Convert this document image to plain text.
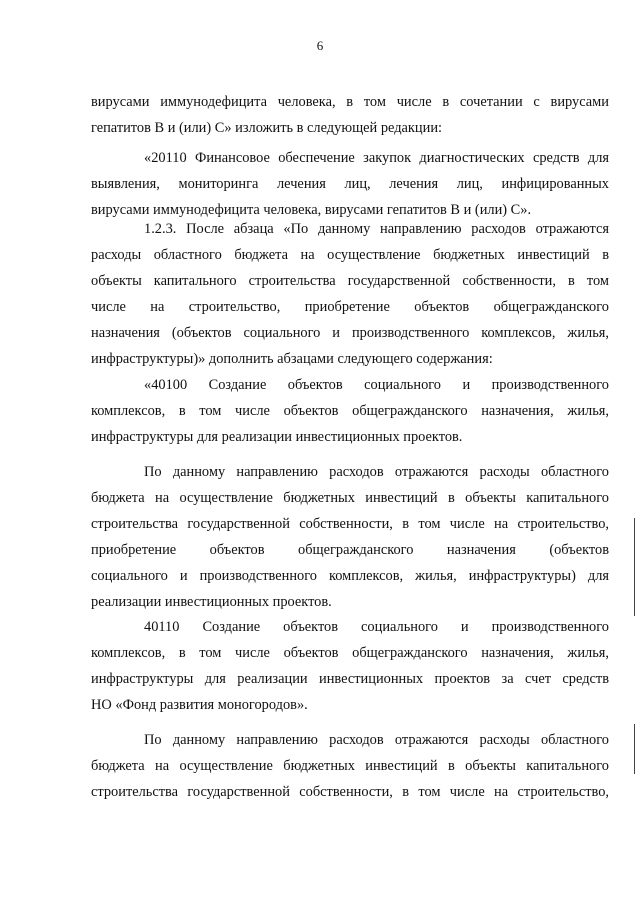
6
вирусами иммунодефицита человека, в том числе в сочетании с вирусами
гепатитов В и (или) С» изложить в следующей редакции:
«20110 Финансовое обеспечение закупок диагностических средств для
выявления, мониторинга лечения лиц, лечения лиц, инфицированных
вирусами иммунодефицита человека, вирусами гепатитов В и (или) С».
1.2.3. После абзаца «По данному направлению расходов отражаются
расходы областного бюджета на осуществление бюджетных инвестиций в
объекты капитального строительства государственной собственности, в том
числе на строительство, приобретение объектов общегражданского
назначения (объектов социального и производственного комплексов, жилья,
инфраструктуры)» дополнить абзацами следующего содержания:
«40100 Создание объектов социального и производственного
комплексов, в том числе объектов общегражданского назначения, жилья,
инфраструктуры для реализации инвестиционных проектов.
По данному направлению расходов отражаются расходы областного
бюджета на осуществление бюджетных инвестиций в объекты капитального
строительства государственной собственности, в том числе на строительство,
приобретение объектов общегражданского назначения (объектов
социального и производственного комплексов, жилья, инфраструктуры) для
реализации инвестиционных проектов.
40110 Создание объектов социального и производственного
комплексов, в том числе объектов общегражданского назначения, жилья,
инфраструктуры для реализации инвестиционных проектов за счет средств
НО «Фонд развития моногородов».
По данному направлению расходов отражаются расходы областного
бюджета на осуществление бюджетных инвестиций в объекты капитального
строительства государственной собственности, в том числе на строительство,
